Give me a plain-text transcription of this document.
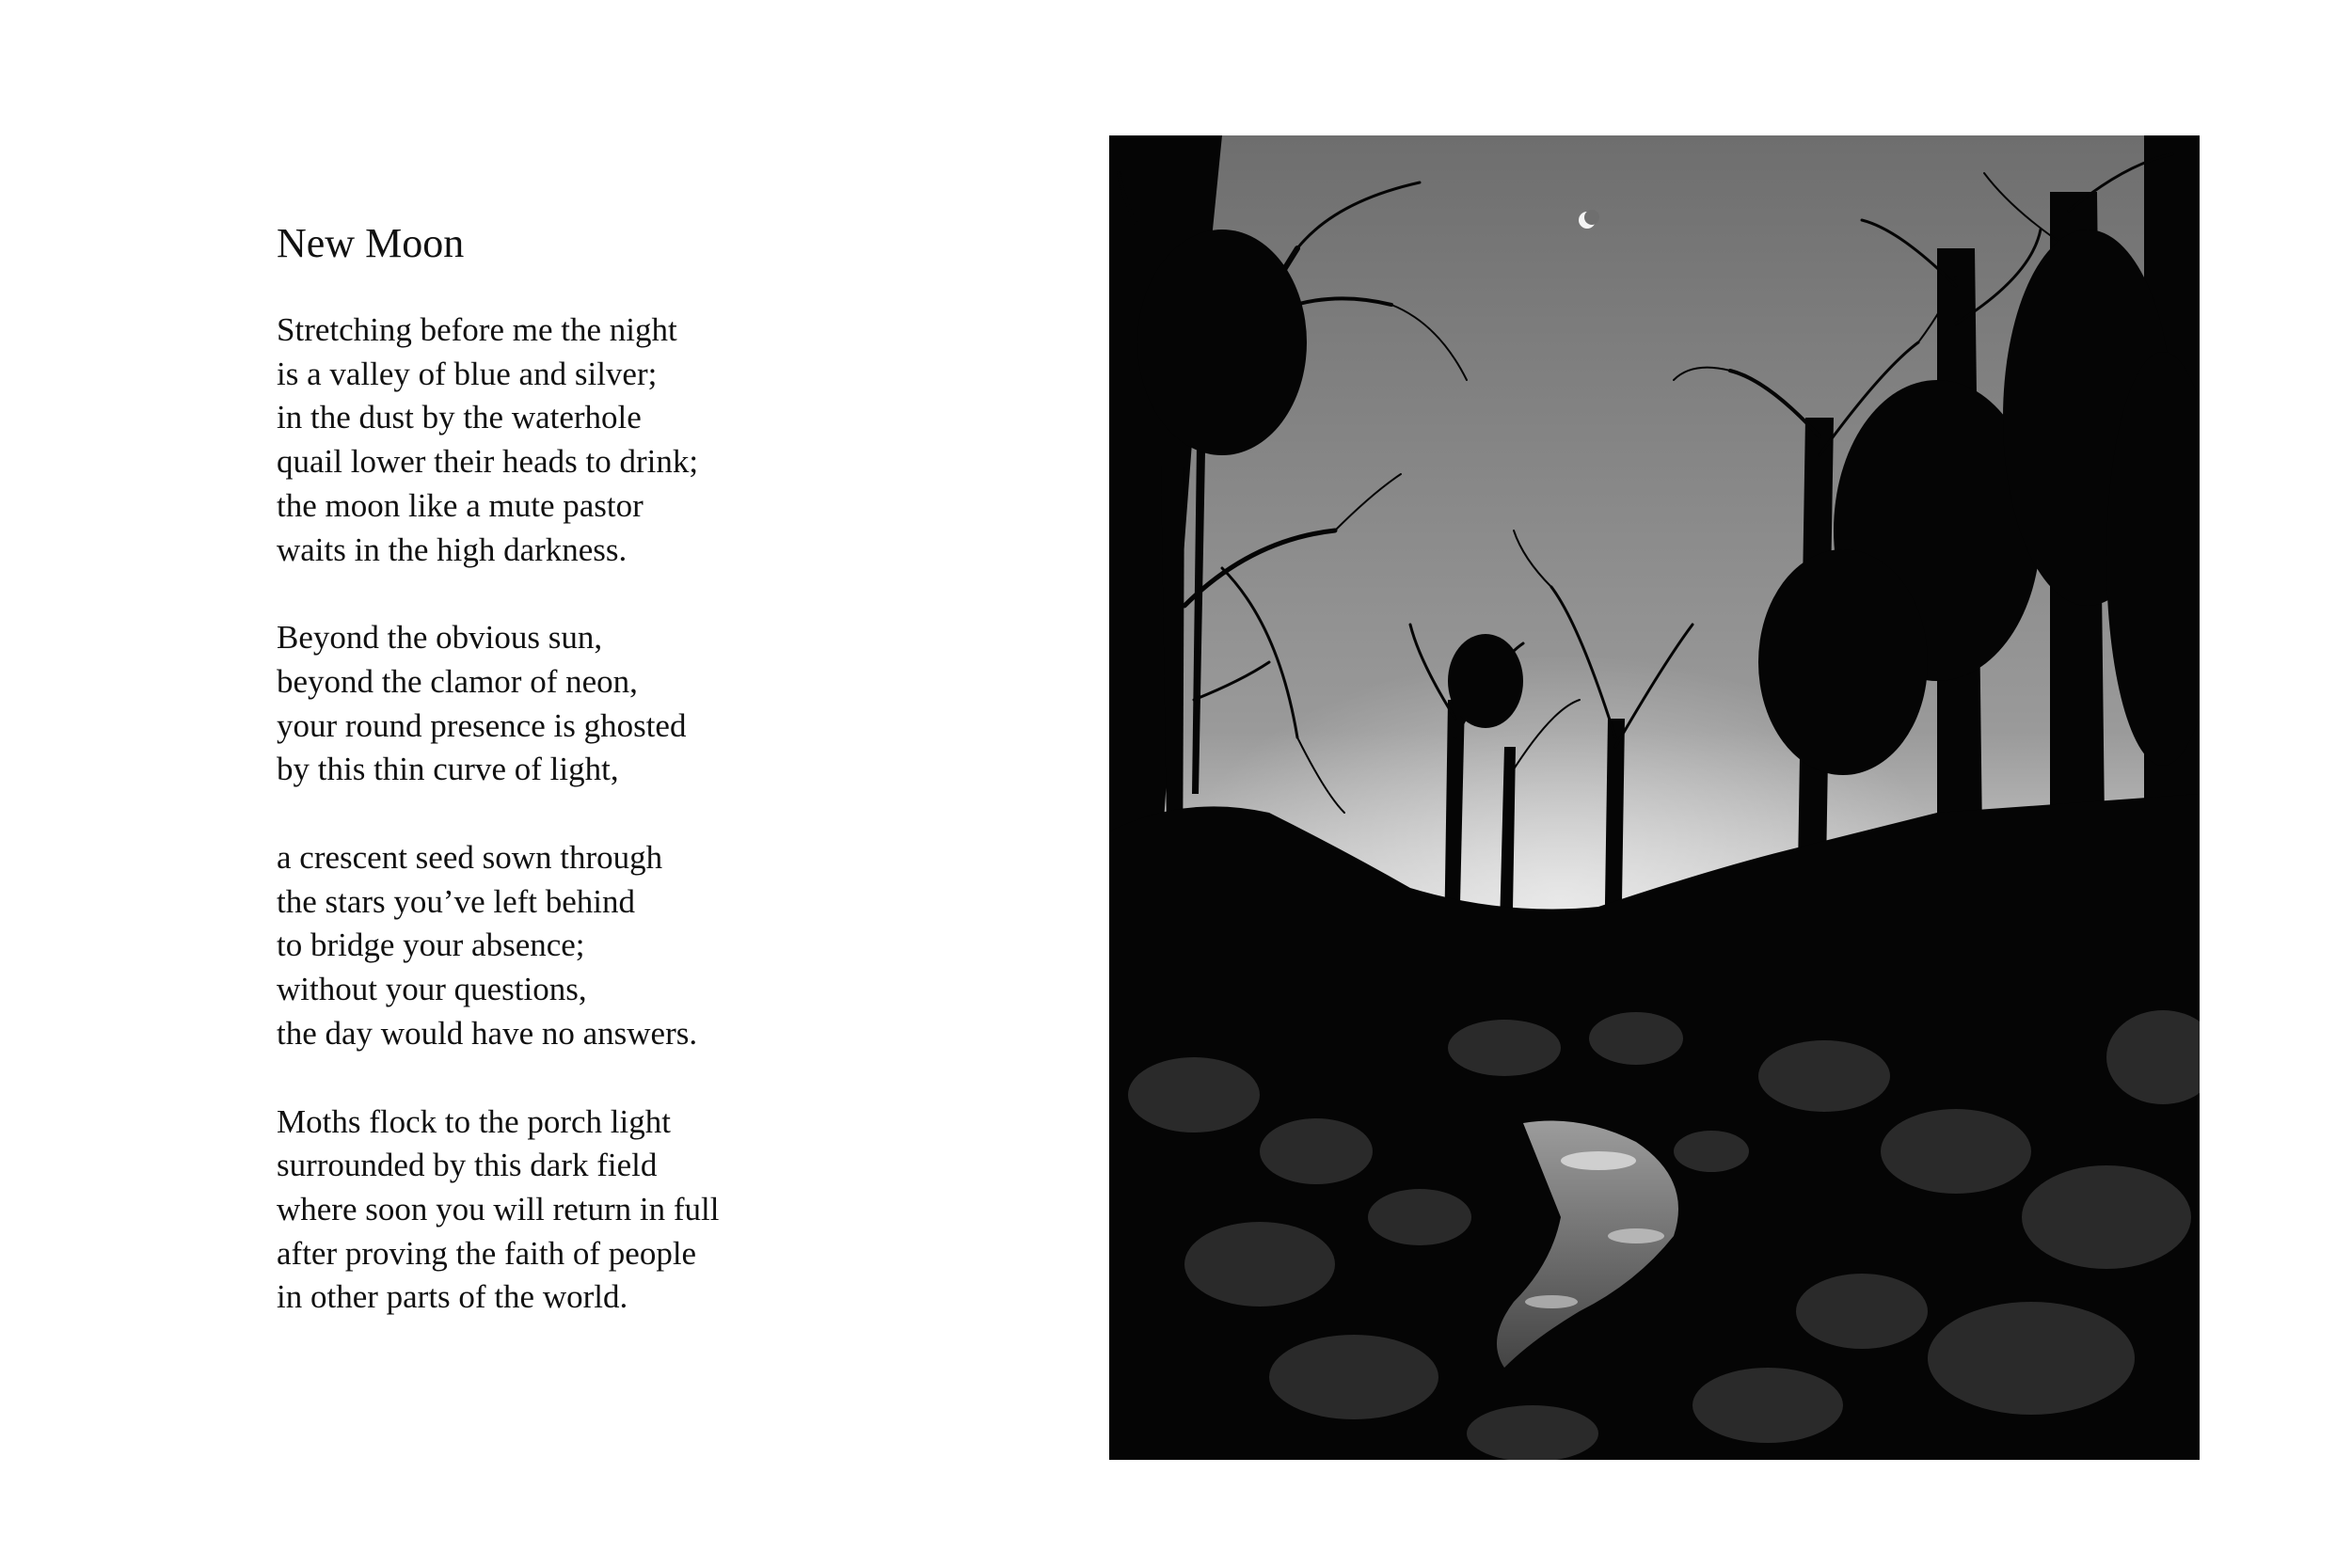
New Moon
Stretching before me the night
is a valley of blue and silver;
in the dust by the waterhole
quail lower their heads to drink;
the moon like a mute pastor
waits in the high darkness.
Beyond the obvious sun,
beyond the clamor of neon,
your round presence is ghosted
by this thin curve of light,
a crescent seed sown through
the stars you’ve left behind
to bridge your absence;
without your questions,
the day would have no answers.
Moths flock to the porch light
surrounded by this dark field
where soon you will return in full
after proving the faith of people
in other parts of the world.
